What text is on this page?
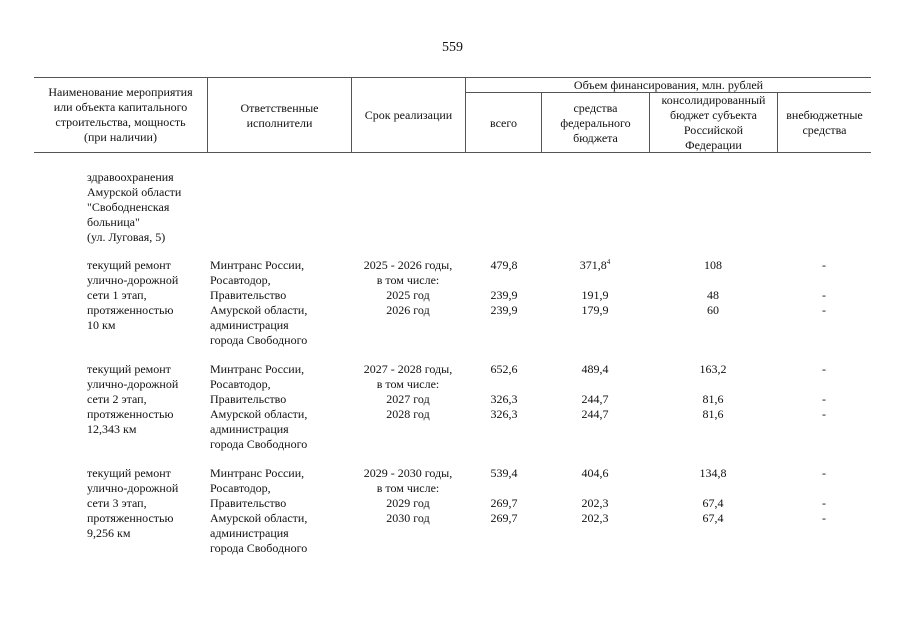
559
Наименование мероприятия
или объекта капитального
строительства, мощность
(при наличии)
Ответственные
исполнители
Срок реализации
Объем финансирования, млн. рублей
всего
средства
федерального
бюджета
консолидированный
бюджет субъекта
Российской
Федерации
внебюджетные
средства
здравоохранения
Амурской области
"Свободненская
больница"
(ул. Луговая, 5)
текущий ремонт
улично-дорожной
сети 1 этап,
протяженностью
10 км
Минтранс России,
Росавтодор,
Правительство
Амурской области,
администрация
города Свободного
2025 - 2026 годы,
в том числе:
2025 год
2026 год
479,8
239,9
239,9
371,8$^4$
191,9
179,9
108
48
60
-
-
-
текущий ремонт
улично-дорожной
сети 2 этап,
протяженностью
12,343 км
Минтранс России,
Росавтодор,
Правительство
Амурской области,
администрация
города Свободного
2027 - 2028 годы,
в том числе:
2027 год
2028 год
652,6
326,3
326,3
489,4
244,7
244,7
163,2
81,6
81,6
-
-
-
текущий ремонт
улично-дорожной
сети 3 этап,
протяженностью
9,256 км
Минтранс России,
Росавтодор,
Правительство
Амурской области,
администрация
города Свободного
2029 - 2030 годы,
в том числе:
2029 год
2030 год
539,4
269,7
269,7
404,6
202,3
202,3
134,8
67,4
67,4
-
-
-
